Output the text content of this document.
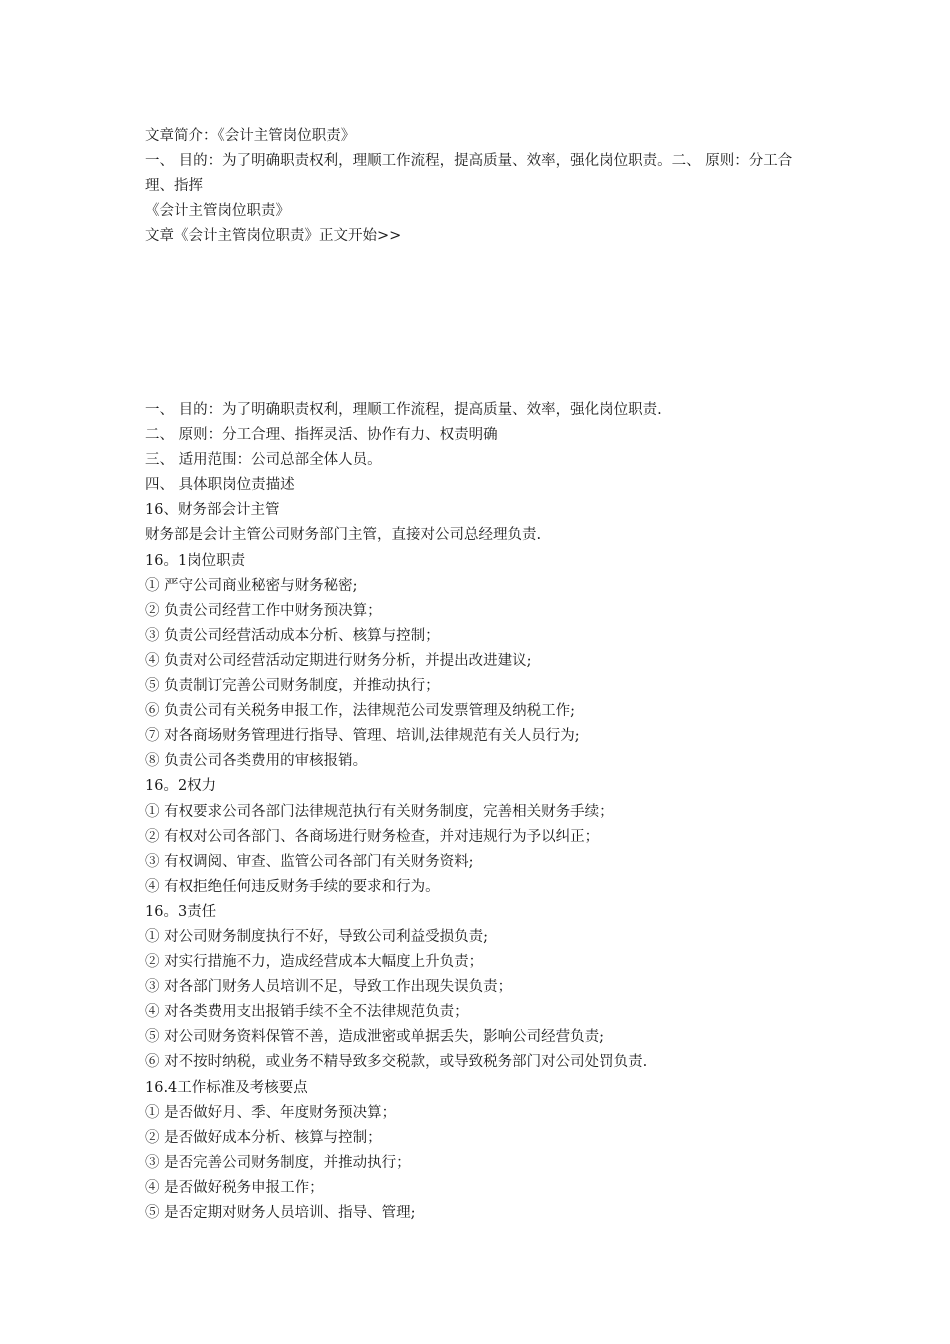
文章简介：《会计主管岗位职责》

一、 目的：为了明确职责权利，理顺工作流程，提高质量、效率，强化岗位职责。二、 原则：分工合理、指挥

《会计主管岗位职责》

文章《会计主管岗位职责》正文开始>>

一、 目的：为了明确职责权利，理顺工作流程，提高质量、效率，强化岗位职责.

二、 原则：分工合理、指挥灵活、协作有力、权责明确

三、 适用范围：公司总部全体人员。

四、 具体职岗位责描述

16、财务部会计主管

财务部是会计主管公司财务部门主管，直接对公司总经理负责.

16。1岗位职责

① 严守公司商业秘密与财务秘密;

② 负责公司经营工作中财务预决算；

③ 负责公司经营活动成本分析、核算与控制；

④ 负责对公司经营活动定期进行财务分析，并提出改进建议;

⑤ 负责制订完善公司财务制度，并推动执行；

⑥ 负责公司有关税务申报工作，法律规范公司发票管理及纳税工作;

⑦ 对各商场财务管理进行指导、管理、培训,法律规范有关人员行为;

⑧ 负责公司各类费用的审核报销。

16。2权力

① 有权要求公司各部门法律规范执行有关财务制度，完善相关财务手续；

② 有权对公司各部门、各商场进行财务检查，并对违规行为予以纠正；

③ 有权调阅、审查、监管公司各部门有关财务资料;

④ 有权拒绝任何违反财务手续的要求和行为。

16。3责任

① 对公司财务制度执行不好，导致公司利益受损负责;

② 对实行措施不力，造成经营成本大幅度上升负责；

③ 对各部门财务人员培训不足，导致工作出现失误负责；

④ 对各类费用支出报销手续不全不法律规范负责；

⑤ 对公司财务资料保管不善，造成泄密或单据丢失，影响公司经营负责;

⑥ 对不按时纳税，或业务不精导致多交税款，或导致税务部门对公司处罚负责.

16.4工作标准及考核要点

① 是否做好月、季、年度财务预决算；

② 是否做好成本分析、核算与控制；

③ 是否完善公司财务制度，并推动执行；

④ 是否做好税务申报工作；

⑤ 是否定期对财务人员培训、指导、管理;
